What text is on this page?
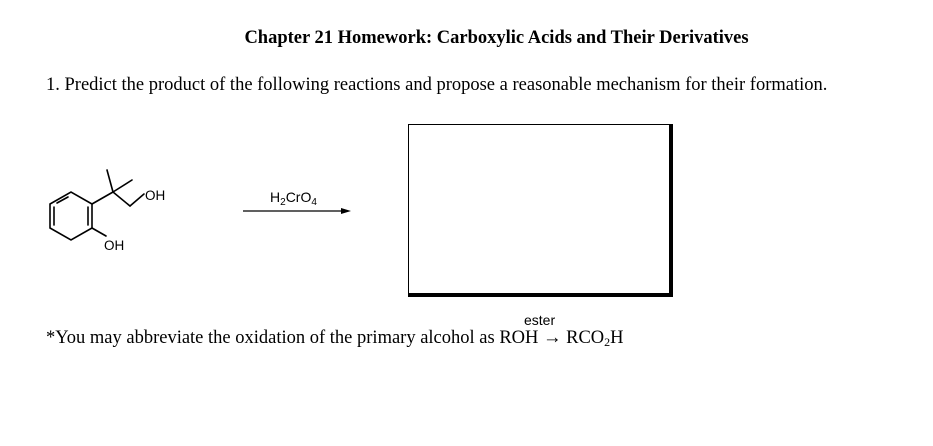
Chapter 21 Homework: Carboxylic Acids and Their Derivatives
1. Predict the product of the following reactions and propose a reasonable mechanism for their formation.
OH
OH
$H_2CrO_4$
ester
*You may abbreviate the oxidation of the primary alcohol as ROH → $RCO_2H$
